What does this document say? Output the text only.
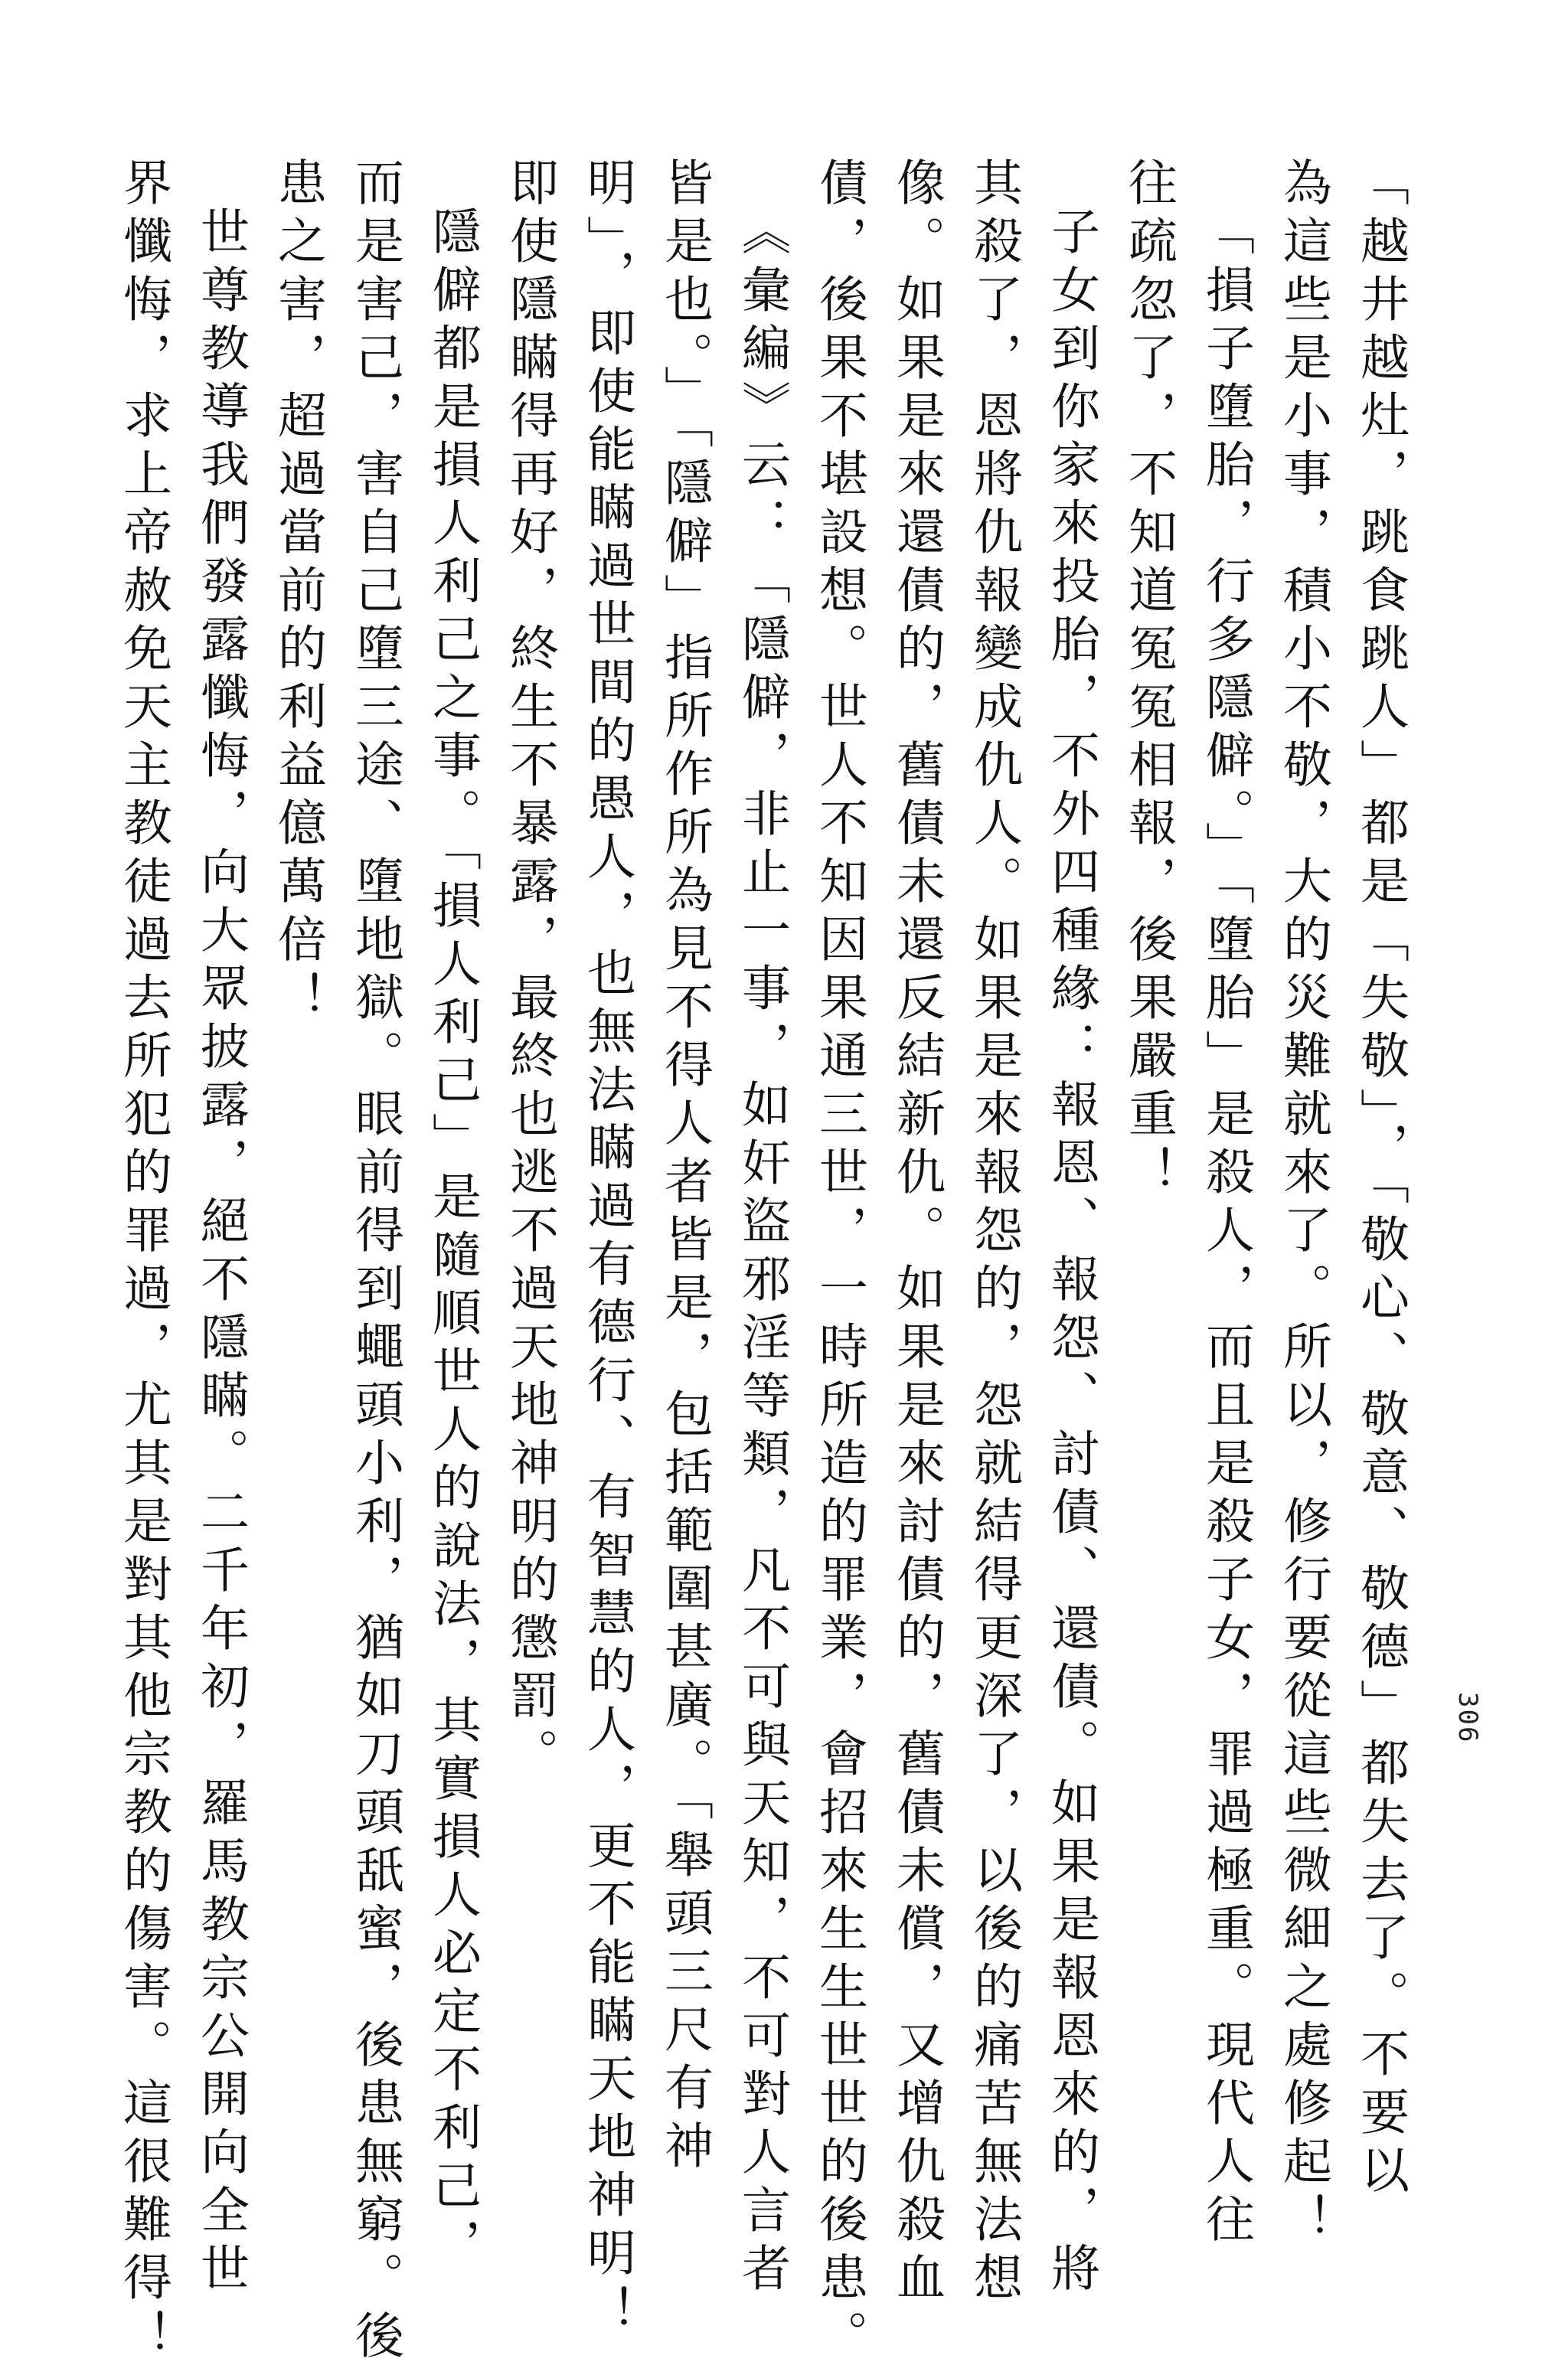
306
「越井越灶，跳食跳人」都是「失敬」，「敬心、敬意、敬德」都失去了。不要以
為這些是小事，積小不敬，大的災難就來了。所以，修行要從這些微細之處修起！
「損子墮胎，行多隱僻。」「墮胎」是殺人，而且是殺子女，罪過極重。現代人往
往疏忽了，不知道冤冤相報，後果嚴重！
子女到你家來投胎，不外四種緣：報恩、報怨、討債、還債。如果是報恩來的，將
其殺了，恩將仇報變成仇人。如果是來報怨的，怨就結得更深了，以後的痛苦無法想
像。如果是來還債的，舊債未還反結新仇。如果是來討債的，舊債未償，又增仇殺血
債，後果不堪設想。世人不知因果通三世，一時所造的罪業，會招來生生世世的後患。
《彙編》云：「隱僻，非止一事，如奸盜邪淫等類，凡不可與天知，不可對人言者
皆是也。」「隱僻」指所作所為見不得人者皆是，包括範圍甚廣。「舉頭三尺有神
明」，即使能瞞過世間的愚人，也無法瞞過有德行、有智慧的人，更不能瞞天地神明！
即使隱瞞得再好，終生不暴露，最終也逃不過天地神明的懲罰。
隱僻都是損人利己之事。「損人利己」是隨順世人的說法，其實損人必定不利己，
而是害己，害自己墮三途、墮地獄。眼前得到蠅頭小利，猶如刀頭舐蜜，後患無窮。後
患之害，超過當前的利益億萬倍！
世尊教導我們發露懺悔，向大眾披露，絕不隱瞞。二千年初，羅馬教宗公開向全世
界懺悔，求上帝赦免天主教徒過去所犯的罪過，尤其是對其他宗教的傷害。這很難得！
